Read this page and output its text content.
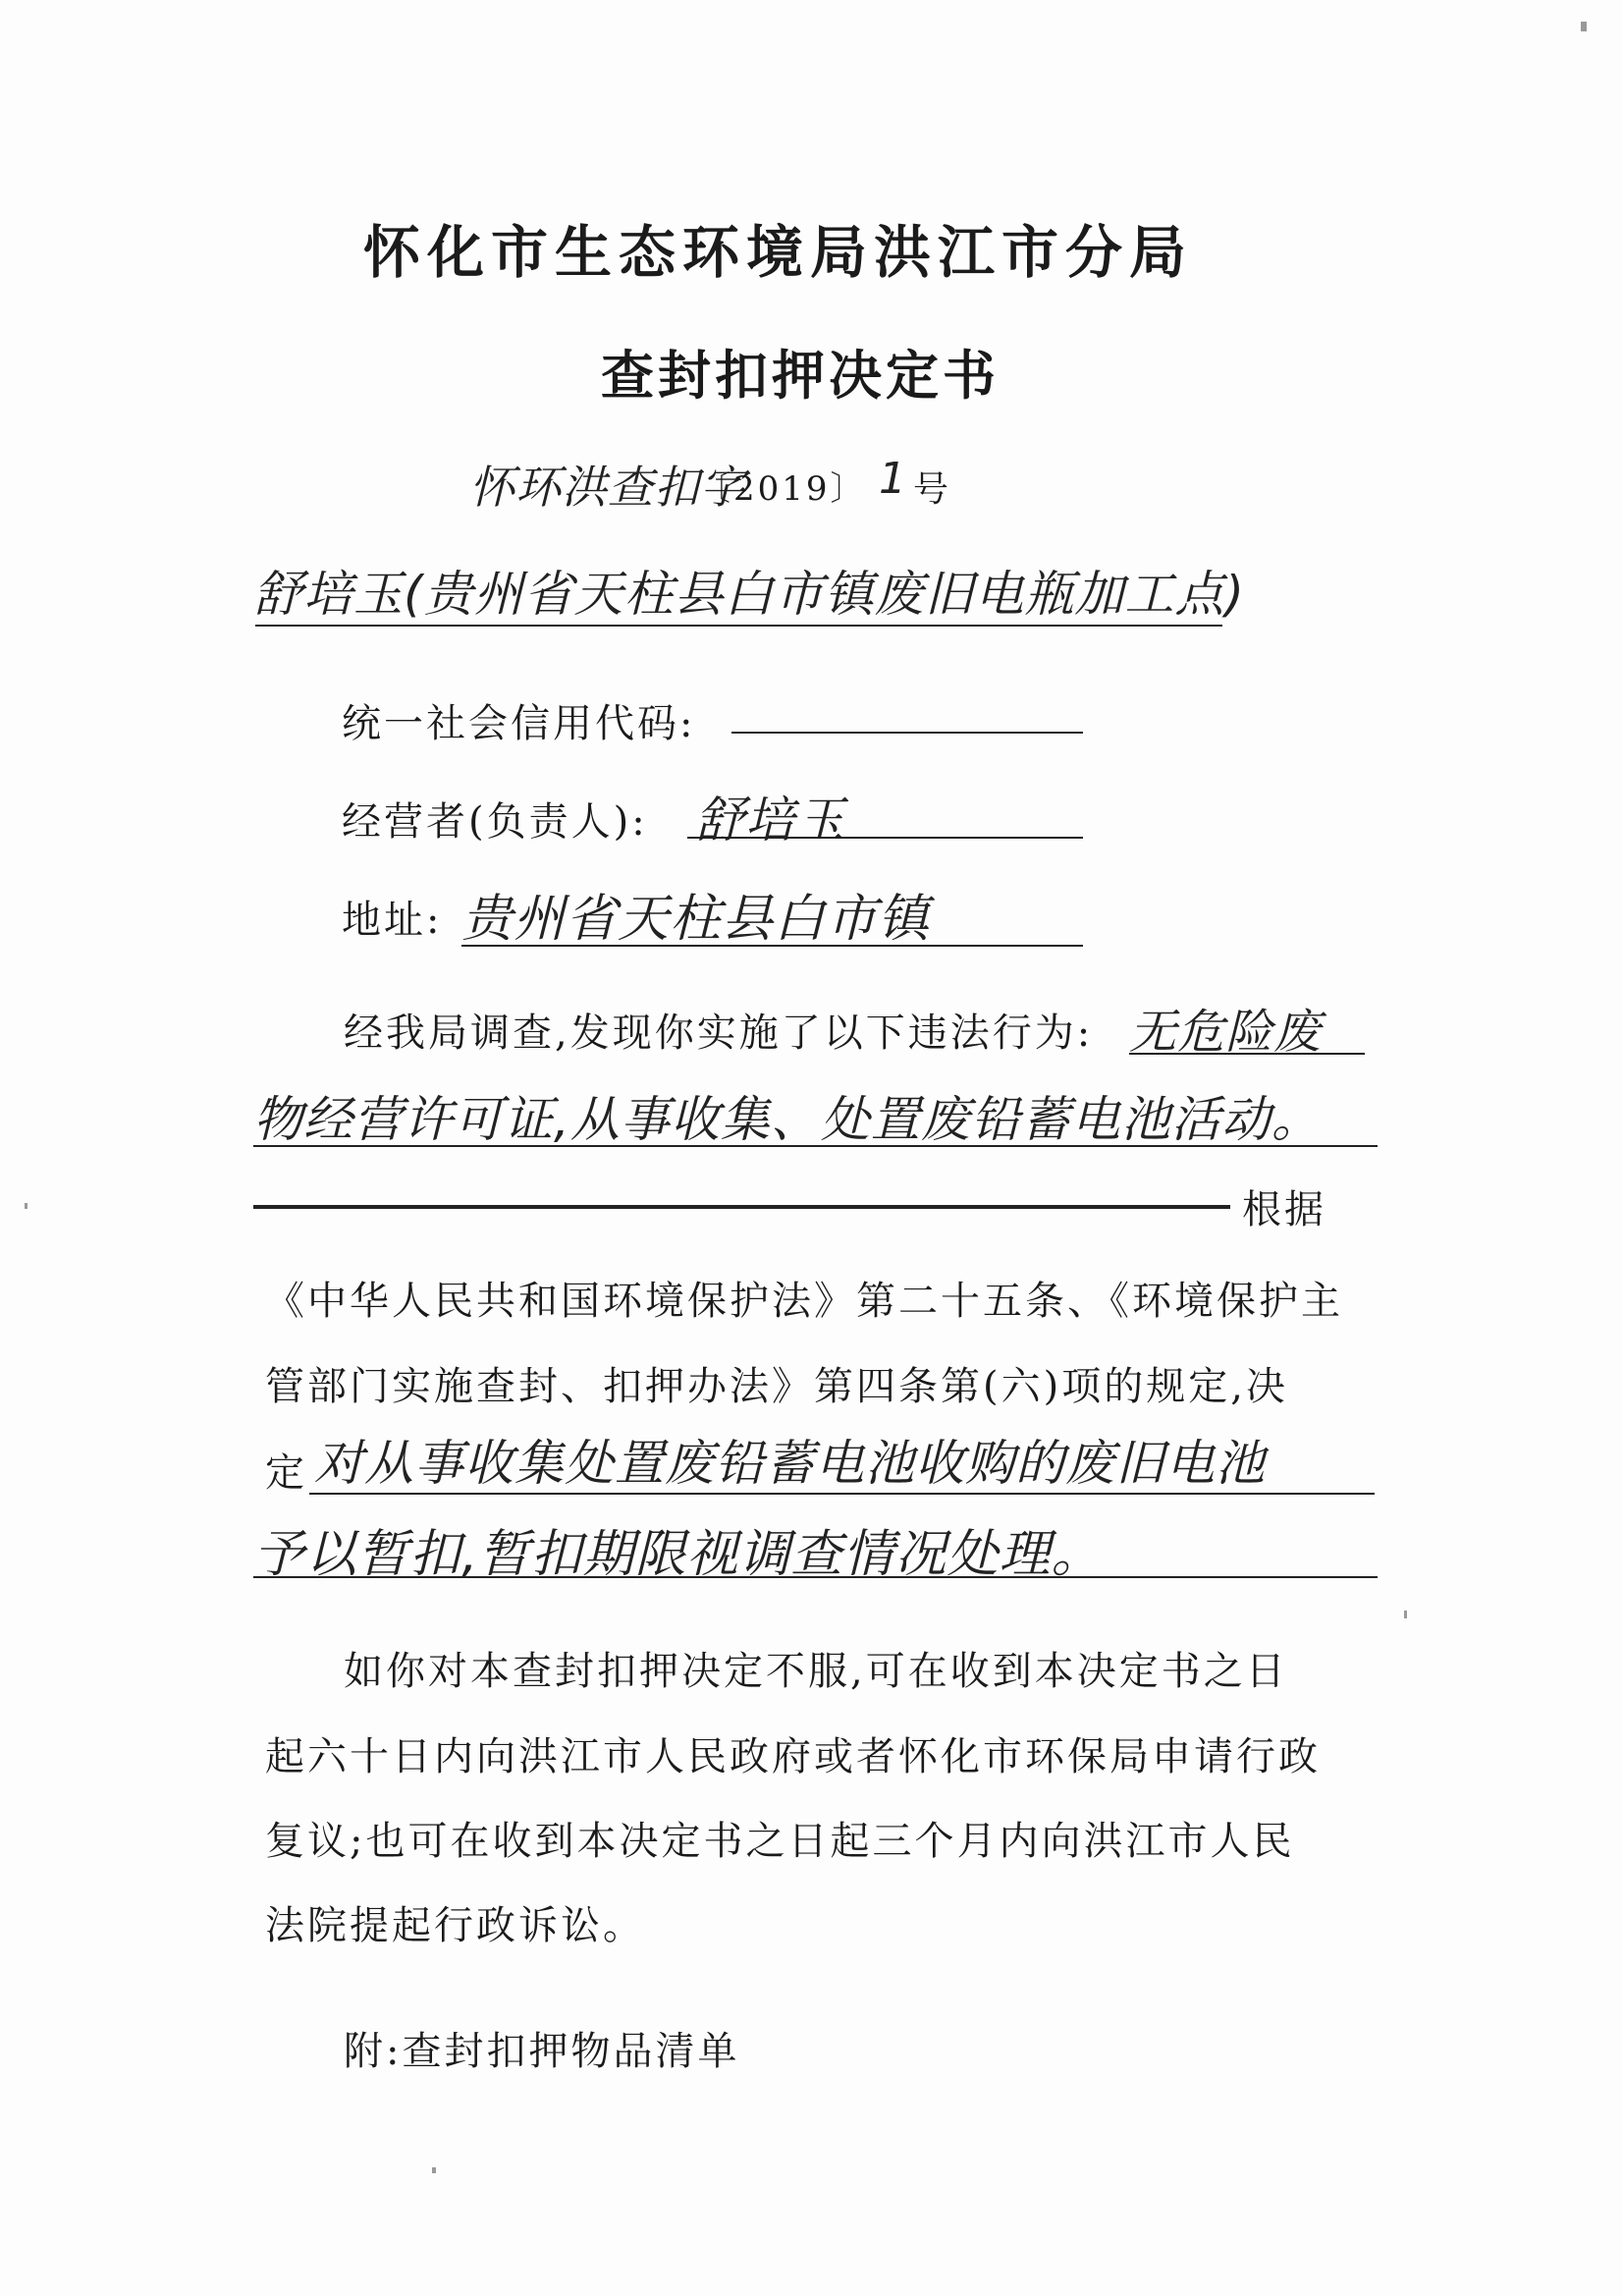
怀化市生态环境局洪江市分局
查封扣押决定书
怀环洪查扣字
〔2019〕 1 号
舒培玉(贵州省天柱县白市镇废旧电瓶加工点)
统一社会信用代码:
经营者(负责人): 舒培玉
地址: 贵州省天柱县白市镇
经我局调查,发现你实施了以下违法行为: 无危险废
物经营许可证,从事收集、处置废铅蓄电池活动。
根据
《中华人民共和国环境保护法》第二十五条、《环境保护主
管部门实施查封、扣押办法》第四条第(六)项的规定,决
定 对从事收集处置废铅蓄电池收购的废旧电池
予以暂扣,暂扣期限视调查情况处理。
如你对本查封扣押决定不服,可在收到本决定书之日
起六十日内向洪江市人民政府或者怀化市环保局申请行政
复议;也可在收到本决定书之日起三个月内向洪江市人民
法院提起行政诉讼。
附:查封扣押物品清单
